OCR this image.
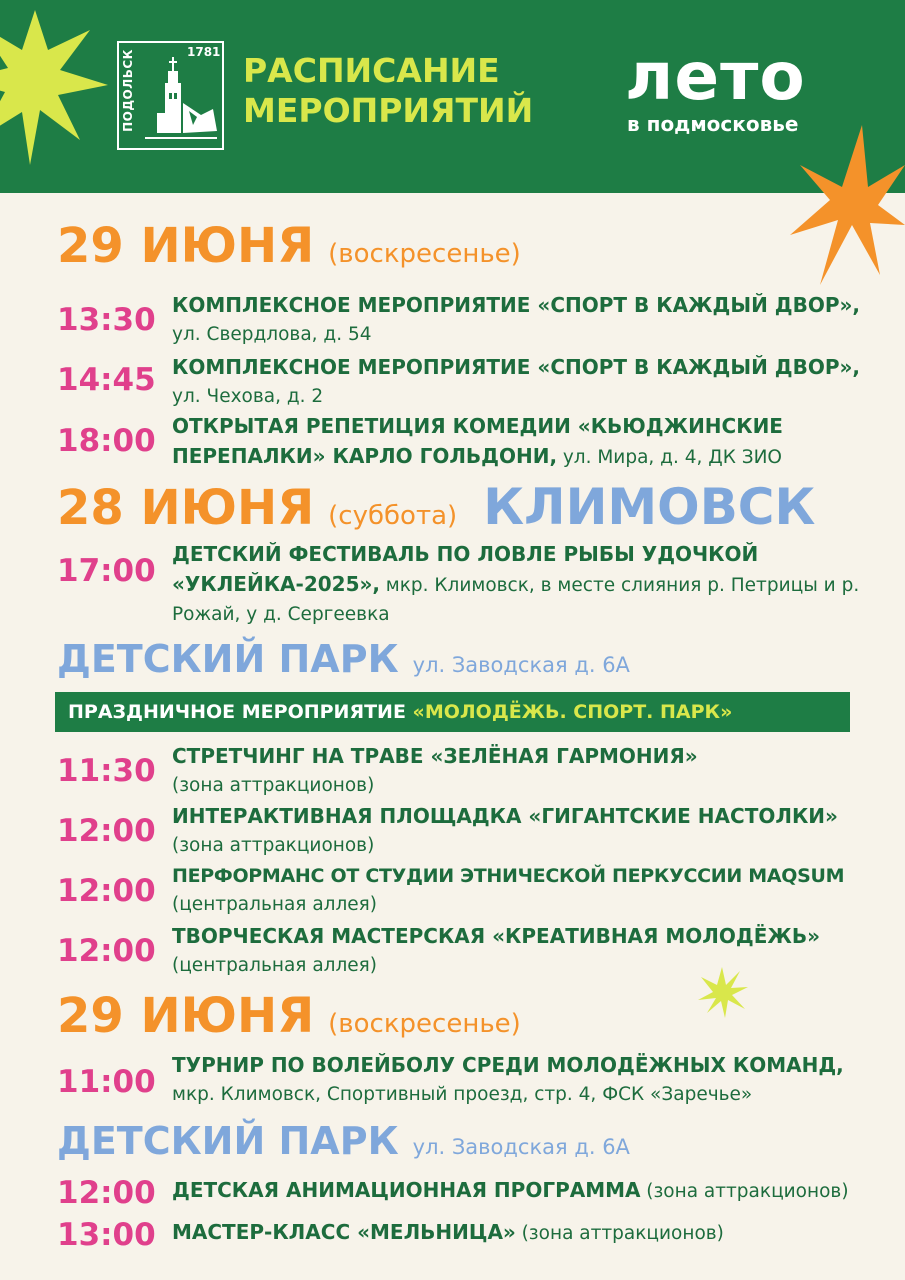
ПОДОЛЬСК	1781 РАСПИСАНИЕ
МЕРОПРИЯТИЙ лето
в подмосковье
29 ИЮНЯ (воскресенье)
13:30 КОМПЛЕКСНОЕ МЕРОПРИЯТИЕ «СПОРТ В КАЖДЫЙ ДВОР»,
ул. Свердлова, д. 54
14:45 КОМПЛЕКСНОЕ МЕРОПРИЯТИЕ «СПОРТ В КАЖДЫЙ ДВОР»,
ул. Чехова, д. 2
18:00 ОТКРЫТАЯ РЕПЕТИЦИЯ КОМЕДИИ «КЬЮДЖИНСКИЕ ПЕРЕПАЛКИ» КАРЛО ГОЛЬДОНИ, ул. Мира, д. 4, ДК ЗИО
28 ИЮНЯ (суббота) КЛИМОВСК
17:00 ДЕТСКИЙ ФЕСТИВАЛЬ ПО ЛОВЛЕ РЫБЫ УДОЧКОЙ «УКЛЕЙКА-2025», мкр. Климовск, в месте слияния р. Петрицы и р. Рожай, у д. Сергеевка
ДЕТСКИЙ ПАРК ул. Заводская д. 6А
ПРАЗДНИЧНОЕ МЕРОПРИЯТИЕ «МОЛОДЁЖЬ. СПОРТ. ПАРК»
11:30 СТРЕТЧИНГ НА ТРАВЕ «ЗЕЛЁНАЯ ГАРМОНИЯ»
(зона аттракционов)
12:00 ИНТЕРАКТИВНАЯ ПЛОЩАДКА «ГИГАНТСКИЕ НАСТОЛКИ»
(зона аттракционов)
12:00 ПЕРФОРМАНС ОТ СТУДИИ ЭТНИЧЕСКОЙ ПЕРКУССИИ MAQSUM
(центральная аллея)
12:00 ТВОРЧЕСКАЯ МАСТЕРСКАЯ «КРЕАТИВНАЯ МОЛОДЁЖЬ»
(центральная аллея)
29 ИЮНЯ (воскресенье)
11:00 ТУРНИР ПО ВОЛЕЙБОЛУ СРЕДИ МОЛОДЁЖНЫХ КОМАНД,
мкр. Климовск, Спортивный проезд, стр. 4, ФСК «Заречье»
ДЕТСКИЙ ПАРК ул. Заводская д. 6А
12:00 ДЕТСКАЯ АНИМАЦИОННАЯ ПРОГРАММА (зона аттракционов)
13:00 МАСТЕР-КЛАСС «МЕЛЬНИЦА» (зона аттракционов)
